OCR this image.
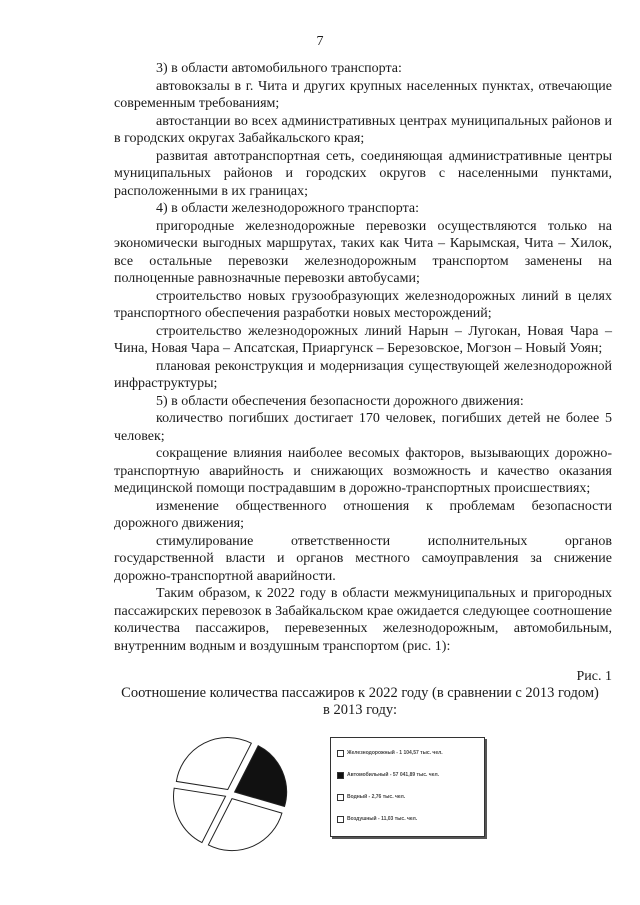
7

3) в области автомобильного транспорта:

автовокзалы в г. Чита и других крупных населенных пунктах, отвечающие современным требованиям;

автостанции во всех административных центрах муниципальных районов и в городских округах Забайкальского края;

развитая автотранспортная сеть, соединяющая административные центры муниципальных районов и городских округов с населенными пунктами, расположенными в их границах;

4) в области железнодорожного транспорта:

пригородные железнодорожные перевозки осуществляются только на экономически выгодных маршрутах, таких как Чита – Карымская, Чита – Хилок, все остальные перевозки железнодорожным транспортом заменены на полноценные равнозначные перевозки автобусами;

строительство новых грузообразующих железнодорожных линий в целях транспортного обеспечения разработки новых месторождений;

строительство железнодорожных линий Нарын – Лугокан, Новая Чара – Чина, Новая Чара – Апсатская, Приаргунск – Березовское, Могзон – Новый Уоян;

плановая реконструкция и модернизация существующей железнодорожной инфраструктуры;

5) в области обеспечения безопасности дорожного движения:

количество погибших достигает 170 человек, погибших детей не более 5 человек;

сокращение влияния наиболее весомых факторов, вызывающих дорожно-транспортную аварийность и снижающих возможность и качество оказания медицинской помощи пострадавшим в дорожно-транспортных происшествиях;

изменение общественного отношения к проблемам безопасности дорожного движения;

стимулирование ответственности исполнительных органов государственной власти и органов местного самоуправления за снижение дорожно-транспортной аварийности.

Таким образом, к 2022 году в области межмуниципальных и пригородных пассажирских перевозок в Забайкальском крае ожидается следующее соотношение количества пассажиров, перевезенных железнодорожным, автомобильным, внутренним водным и воздушным транспортом (рис. 1):

Рис. 1
Соотношение количества пассажиров к 2022 году (в сравнении с 2013 годом)
в 2013 году:
Железнодорожный - 1 104,57 тыс. чел.
Автомобильный - 57 041,89 тыс. чел.
Водный - 2,76 тыс. чел.
Воздушный - 11,03 тыс. чел.
